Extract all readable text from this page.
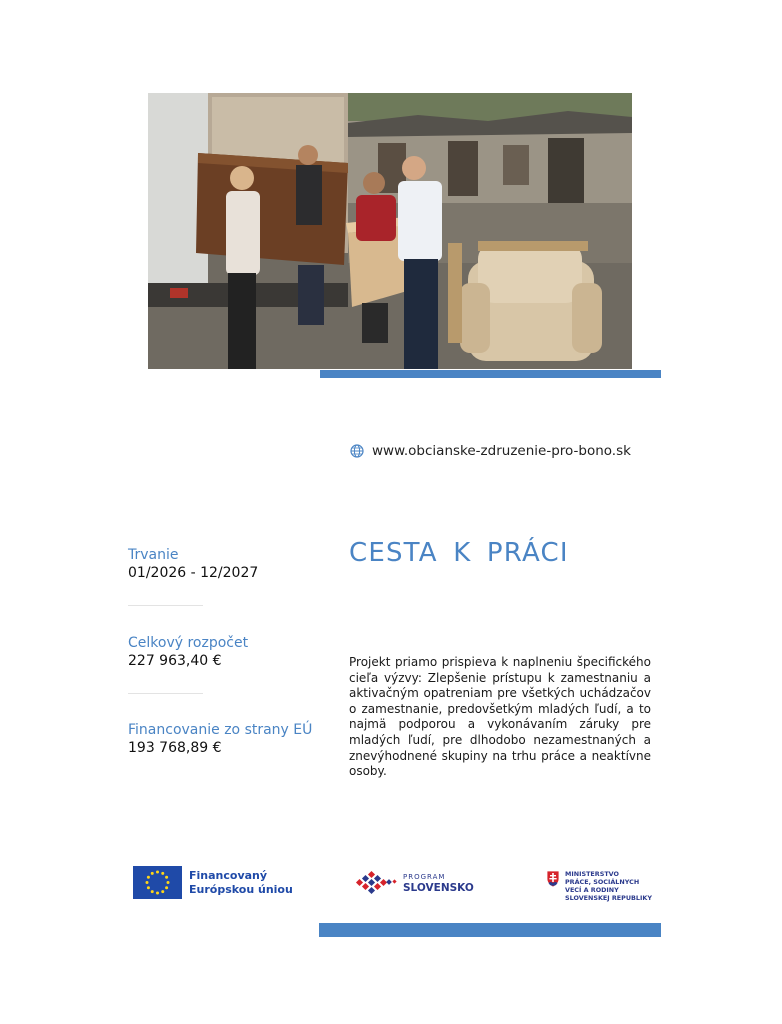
www.obcianske-zdruzenie-pro-bono.sk
CESTA K PRÁCI
Trvanie
01/2026 - 12/2027
Celkový rozpočet
227 963,40 €
Financovanie zo strany EÚ
193 768,89 €
Projekt priamo prispieva k naplneniu špecifického cieľa výzvy: Zlepšenie prístupu k zamestnaniu a aktivačným opatreniam pre všetkých uchádzačov o zamestnanie, predovšetkým mladých ľudí, a to najmä podporou a vykonávaním záruky pre mladých ľudí, pre dlhodobo nezamestnaných a znevýhodnené skupiny na trhu práce a neaktívne osoby.
Financovaný
Európskou úniou
PROGRAM
SLOVENSKO
MINISTERSTVO
PRÁCE, SOCIÁLNYCH
VECÍ A RODINY
SLOVENSKEJ REPUBLIKY
